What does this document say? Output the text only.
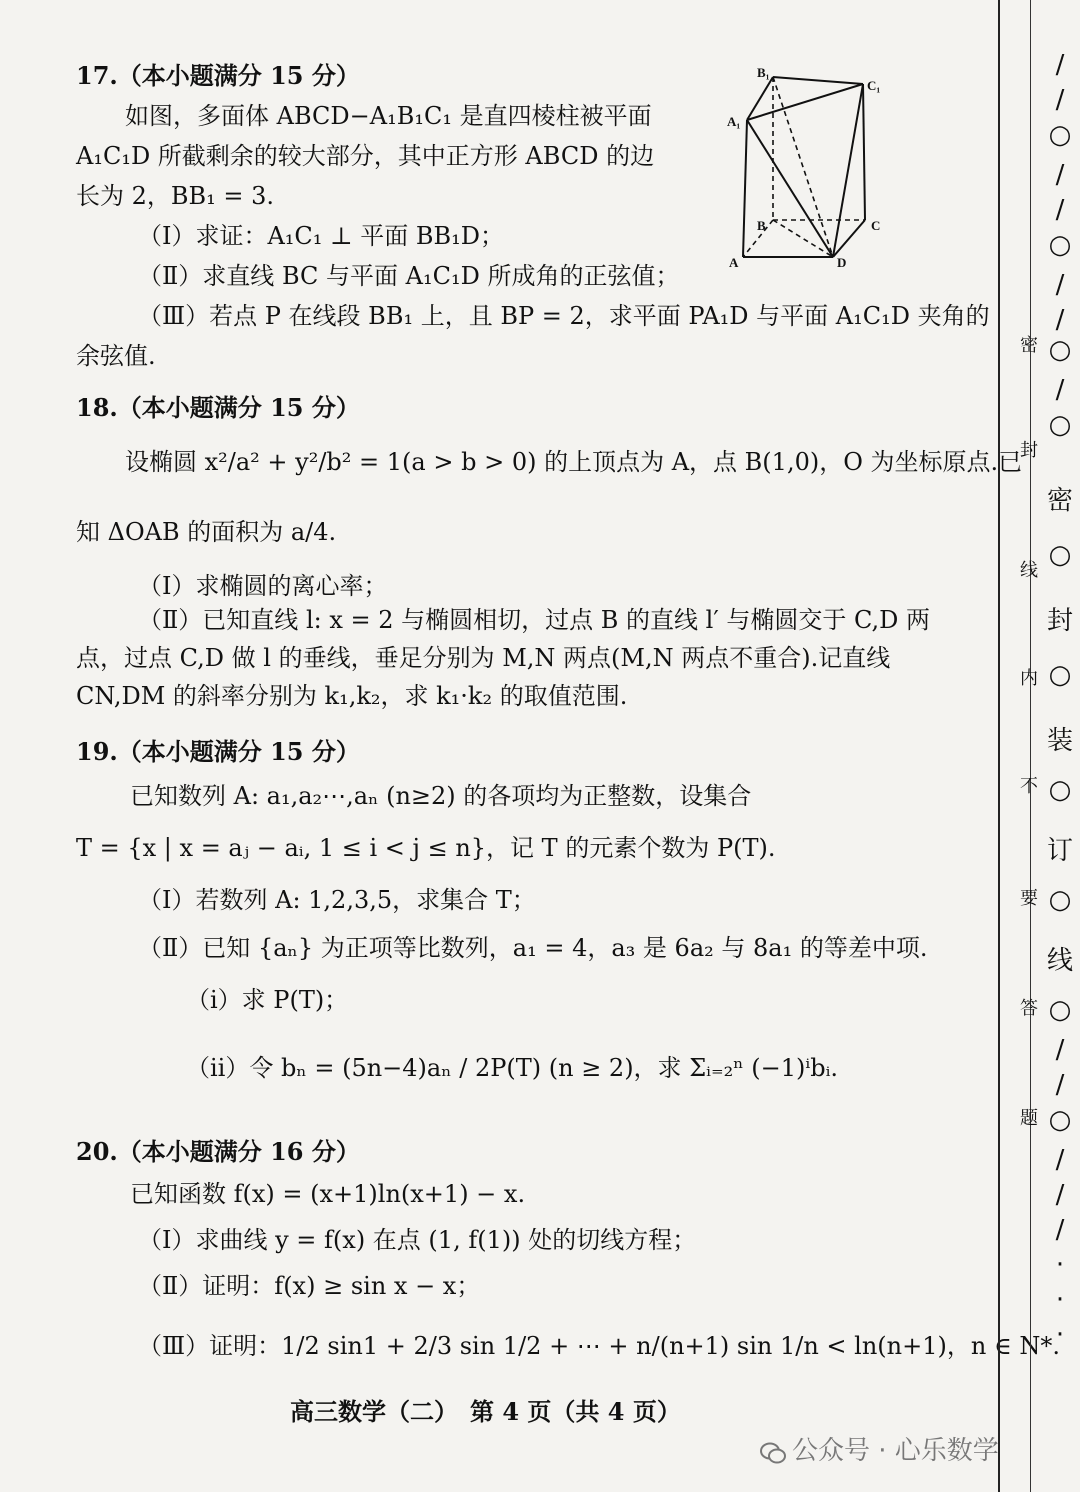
17.（本小题满分 15 分）
如图，多面体 ABCD−A₁B₁C₁ 是直四棱柱被平面
A₁C₁D 所截剩余的较大部分，其中正方形 ABCD 的边
长为 2，BB₁ = 3.
（Ⅰ）求证：A₁C₁ ⊥ 平面 BB₁D；
（Ⅱ）求直线 BC 与平面 A₁C₁D 所成角的正弦值；
（Ⅲ）若点 P 在线段 BB₁ 上，且 BP = 2，求平面 PA₁D 与平面 A₁C₁D 夹角的
余弦值.
B₁
C₁
A₁
B	C
A	D
18.（本小题满分 15 分）
设椭圆 x²/a² + y²/b² = 1(a > b > 0) 的上顶点为 A，点 B(1,0)，O 为坐标原点.已
知 ΔOAB 的面积为 a/4.
（Ⅰ）求椭圆的离心率；
（Ⅱ）已知直线 l: x = 2 与椭圆相切，过点 B 的直线 l′ 与椭圆交于 C,D 两
点，过点 C,D 做 l 的垂线，垂足分别为 M,N 两点(M,N 两点不重合).记直线
CN,DM 的斜率分别为 k₁,k₂，求 k₁·k₂ 的取值范围.
19.（本小题满分 15 分）
已知数列 A: a₁,a₂⋯,aₙ (n≥2) 的各项均为正整数，设集合
T = {x | x = aⱼ − aᵢ, 1 ≤ i < j ≤ n}，记 T 的元素个数为 P(T).
（Ⅰ）若数列 A: 1,2,3,5，求集合 T；
（Ⅱ）已知 {aₙ} 为正项等比数列，a₁ = 4，a₃ 是 6a₂ 与 8a₁ 的等差中项.
（ⅰ）求 P(T)；
（ⅱ）令 bₙ = (5n−4)aₙ / 2P(T) (n ≥ 2)，求 Σᵢ₌₂ⁿ (−1)ⁱbᵢ.
20.（本小题满分 16 分）
已知函数 f(x) = (x+1)ln(x+1) − x.
（Ⅰ）求曲线 y = f(x) 在点 (1, f(1)) 处的切线方程；
（Ⅱ）证明：f(x) ≥ sin x − x；
（Ⅲ）证明：1/2 sin1 + 2/3 sin 1/2 + ⋯ + n/(n+1) sin 1/n < ln(n+1)，n ∈ N*.
高三数学（二）　第 4 页（共 4 页）
公众号 · 心乐数学
密
封
线
内
不
要
答
题
/
/
○
/
/
○
/
/
○
/
○
密
○
封
○
装
○
订
○
线
○
/
/
○
/
/
/
·
·
·
